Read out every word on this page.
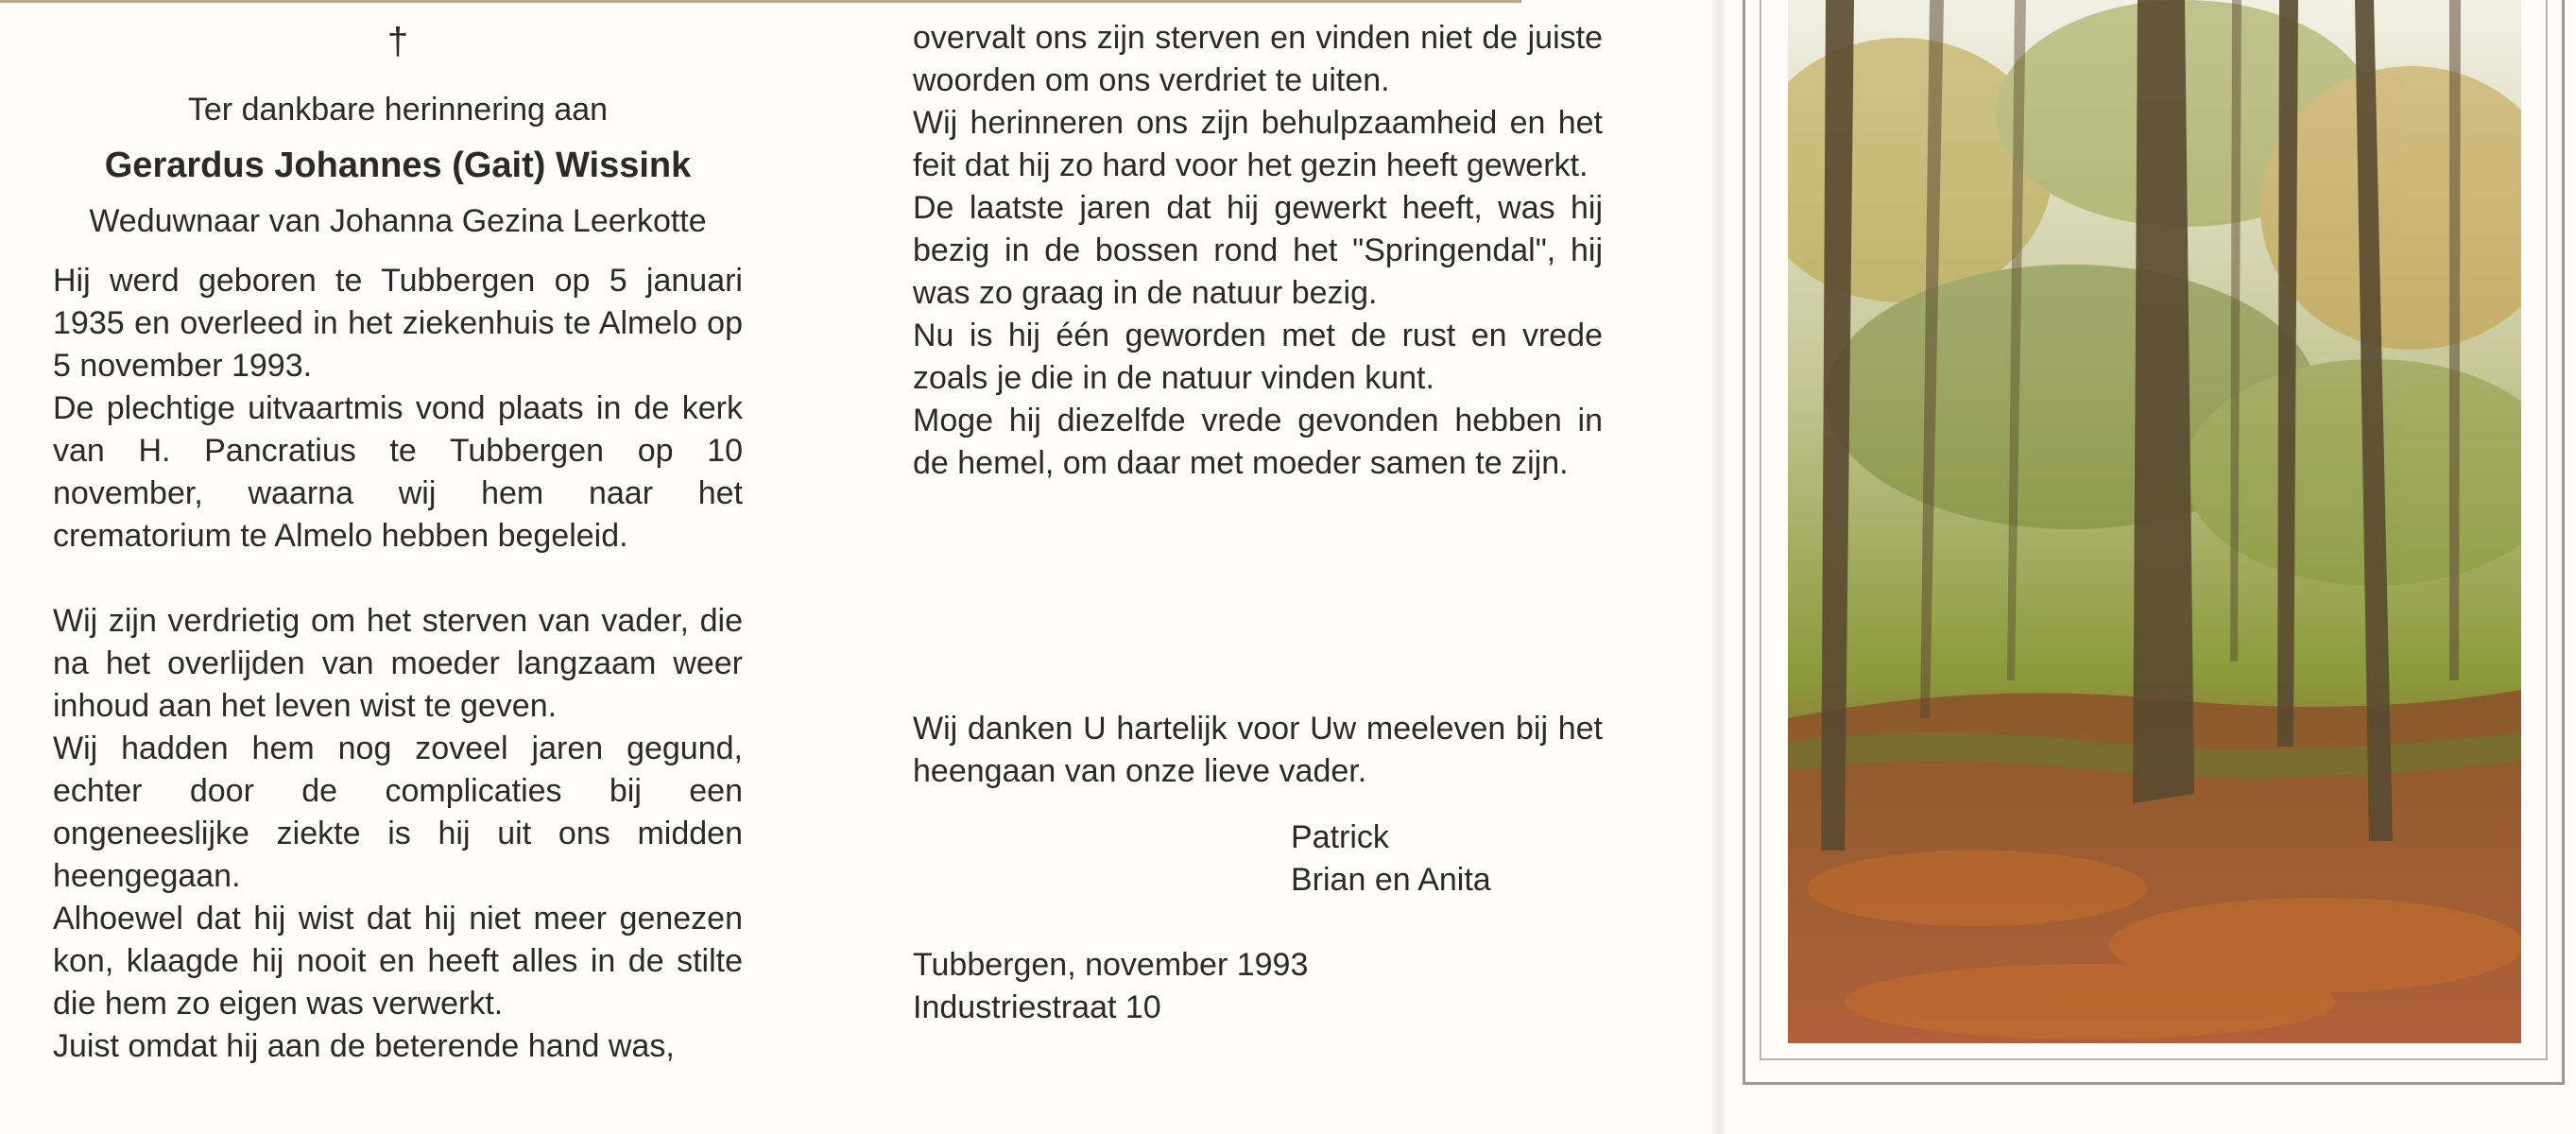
†

Ter dankbare herinnering aan

Gerardus Johannes (Gait) Wissink

Weduwnaar van Johanna Gezina Leerkotte

Hij werd geboren te Tubbergen op 5 januari 1935 en overleed in het ziekenhuis te Almelo op 5 november 1993.

De plechtige uitvaartmis vond plaats in de kerk van H. Pancratius te Tubbergen op 10 november, waarna wij hem naar het crematorium te Almelo hebben begeleid.

Wij zijn verdrietig om het sterven van vader, die na het overlijden van moeder langzaam weer inhoud aan het leven wist te geven.

Wij hadden hem nog zoveel jaren gegund, echter door de complicaties bij een ongeneeslijke ziekte is hij uit ons midden heengegaan.

Alhoewel dat hij wist dat hij niet meer genezen kon, klaagde hij nooit en heeft alles in de stilte die hem zo eigen was verwerkt.

Juist omdat hij aan de beterende hand was,

overvalt ons zijn sterven en vinden niet de juiste woorden om ons verdriet te uiten.

Wij herinneren ons zijn behulpzaamheid en het feit dat hij zo hard voor het gezin heeft gewerkt.

De laatste jaren dat hij gewerkt heeft, was hij bezig in de bossen rond het "Springendal", hij was zo graag in de natuur bezig.

Nu is hij één geworden met de rust en vrede zoals je die in de natuur vinden kunt.

Moge hij diezelfde vrede gevonden hebben in de hemel, om daar met moeder samen te zijn.

Wij danken U hartelijk voor Uw meeleven bij het heengaan van onze lieve vader.

Patrick

Brian en Anita

Tubbergen, november 1993

Industriestraat 10
